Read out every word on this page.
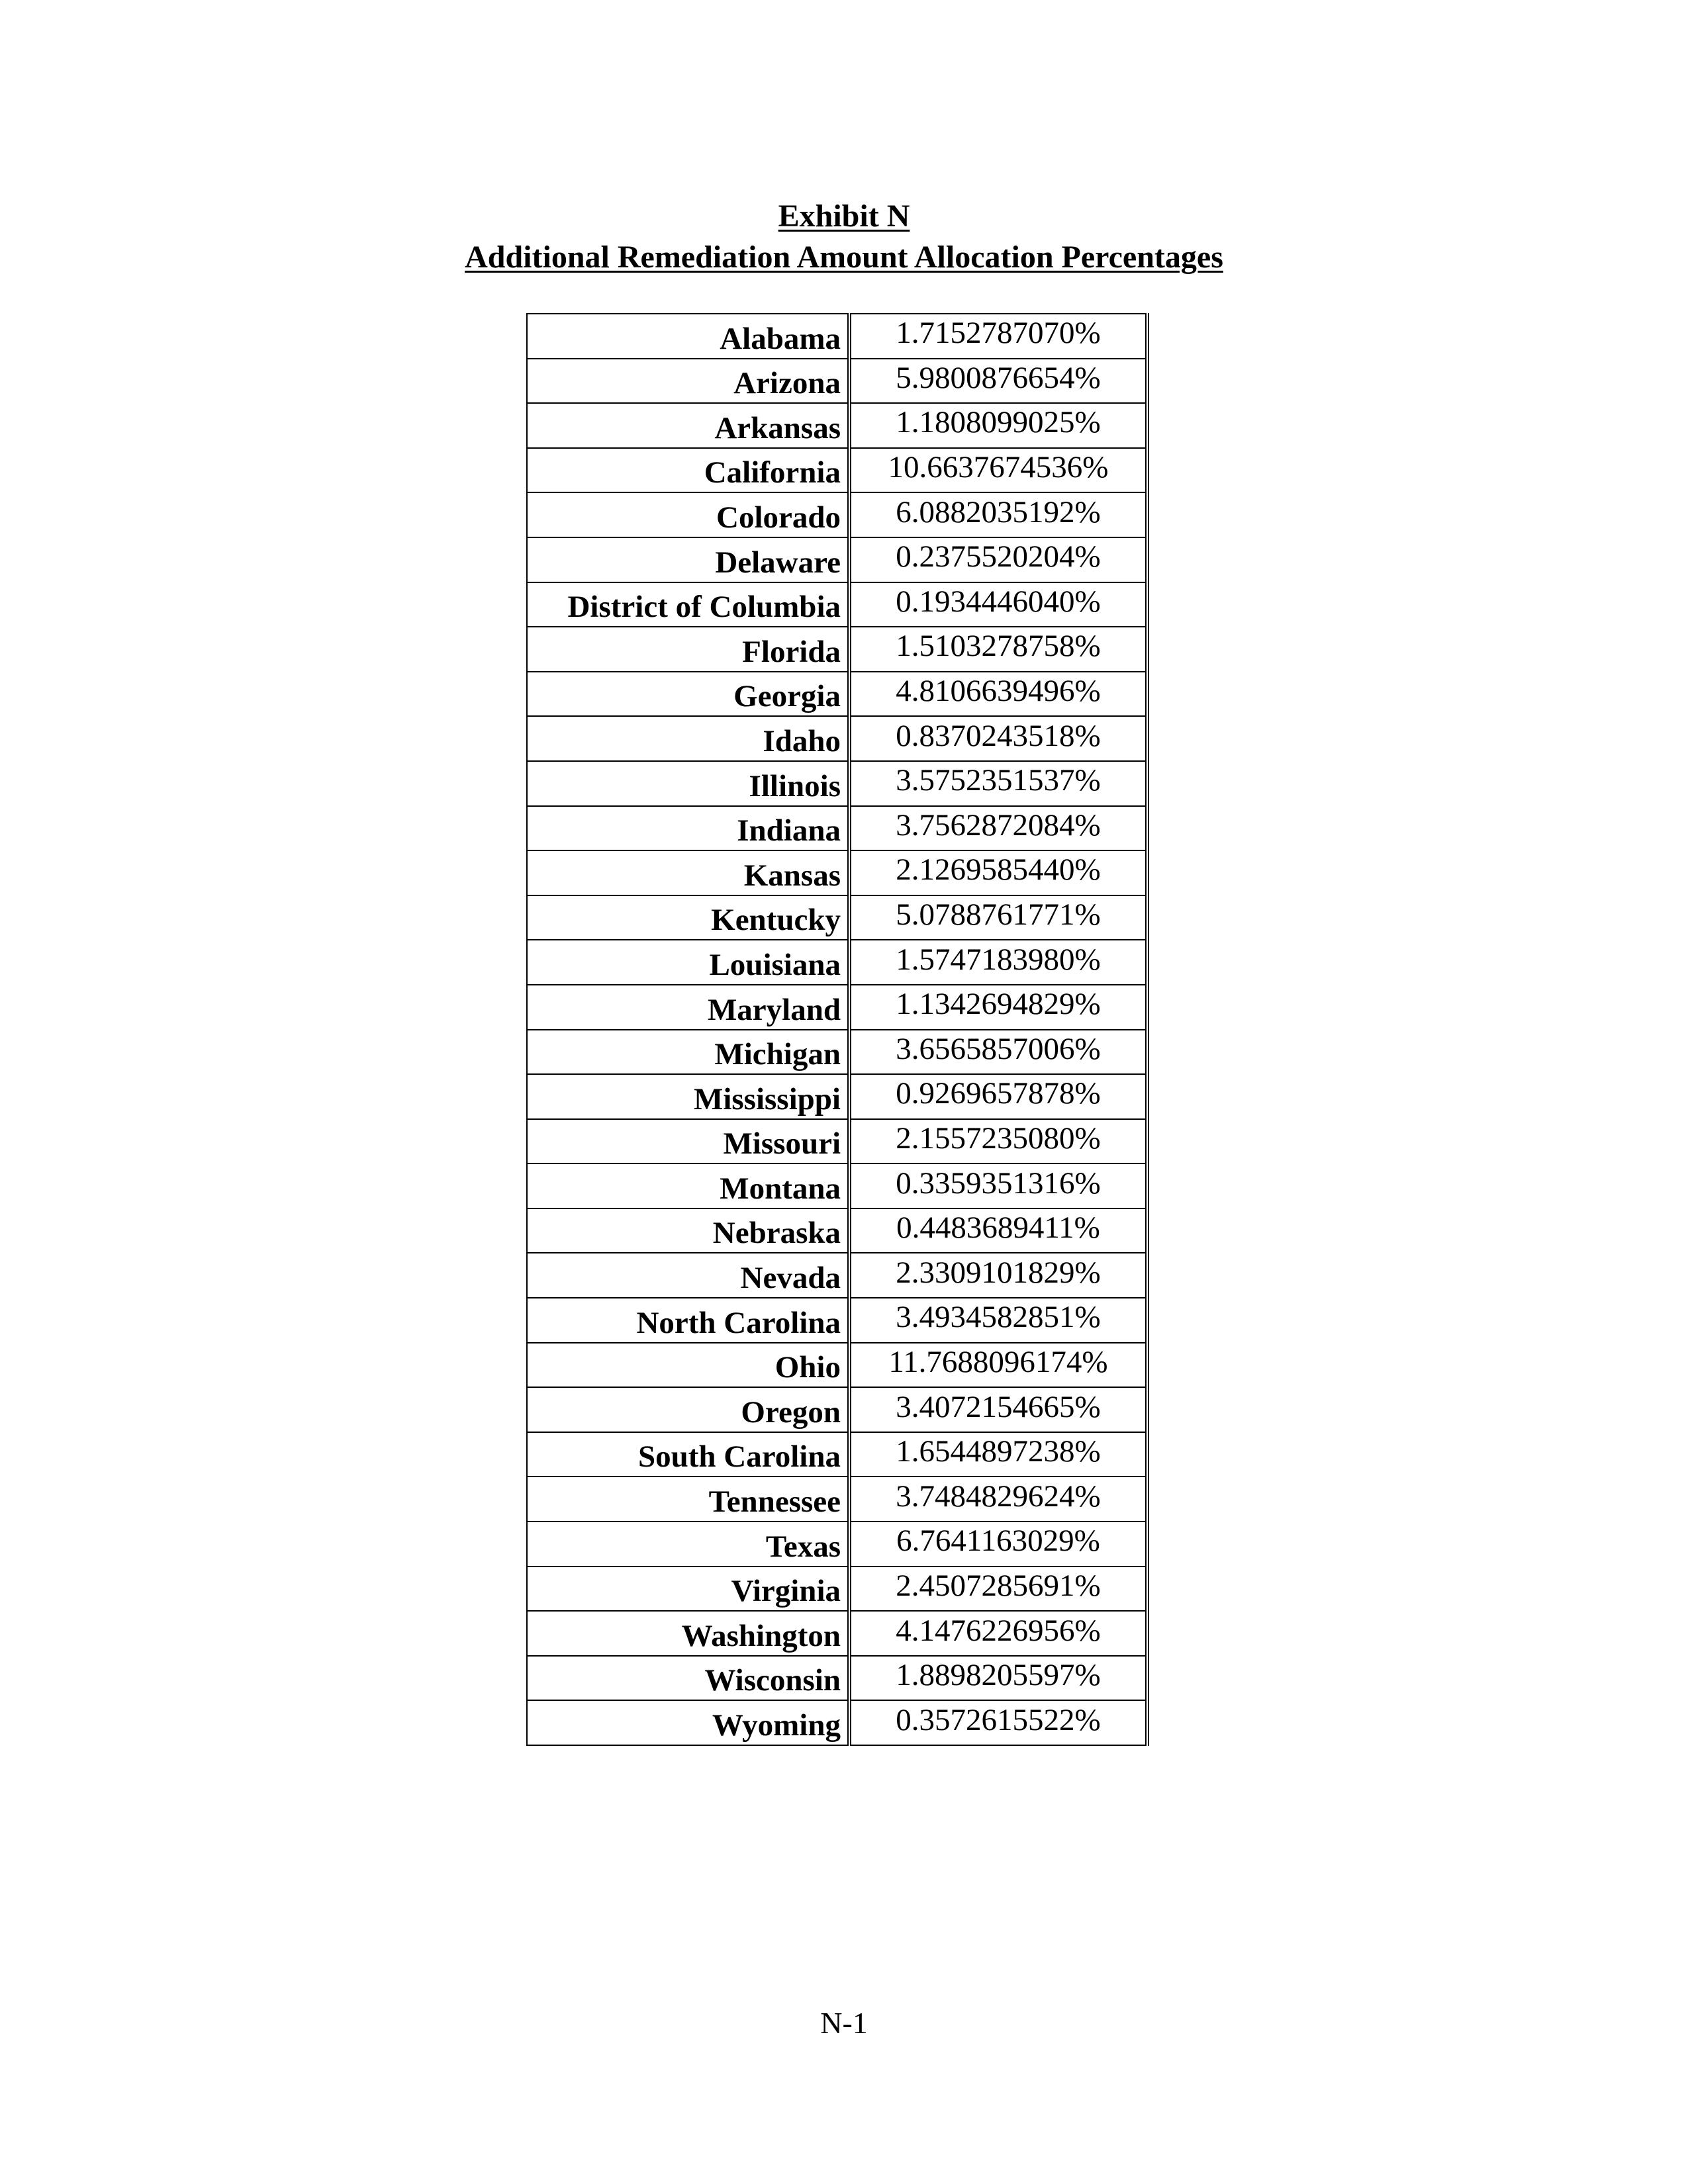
Exhibit N
Additional Remediation Amount Allocation Percentages
Alabama	1.7152787070%
Arizona	5.9800876654%
Arkansas	1.1808099025%
California	10.6637674536%
Colorado	6.0882035192%
Delaware	0.2375520204%
District of Columbia	0.1934446040%
Florida	1.5103278758%
Georgia	4.8106639496%
Idaho	0.8370243518%
Illinois	3.5752351537%
Indiana	3.7562872084%
Kansas	2.1269585440%
Kentucky	5.0788761771%
Louisiana	1.5747183980%
Maryland	1.1342694829%
Michigan	3.6565857006%
Mississippi	0.9269657878%
Missouri	2.1557235080%
Montana	0.3359351316%
Nebraska	0.4483689411%
Nevada	2.3309101829%
North Carolina	3.4934582851%
Ohio	11.7688096174%
Oregon	3.4072154665%
South Carolina	1.6544897238%
Tennessee	3.7484829624%
Texas	6.7641163029%
Virginia	2.4507285691%
Washington	4.1476226956%
Wisconsin	1.8898205597%
Wyoming	0.3572615522%
N-1
